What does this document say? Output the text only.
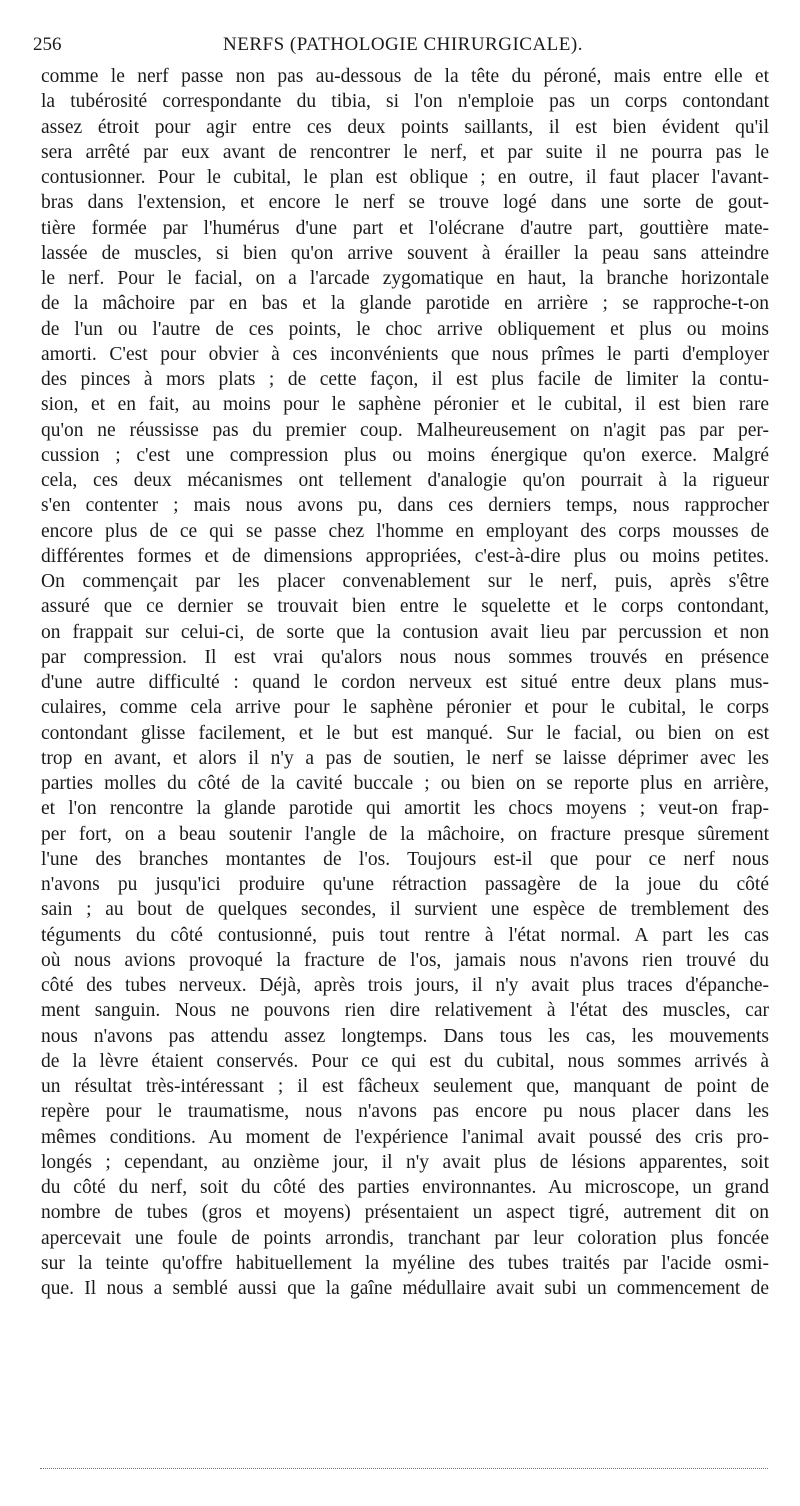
256	NERFS (PATHOLOGIE CHIRURGICALE).
comme le nerf passe non pas au-dessous de la tête du péroné, mais entre elle et
la tubérosité correspondante du tibia, si l'on n'emploie pas un corps contondant
assez étroit pour agir entre ces deux points saillants, il est bien évident qu'il
sera arrêté par eux avant de rencontrer le nerf, et par suite il ne pourra pas le
contusionner. Pour le cubital, le plan est oblique ; en outre, il faut placer l'avant-
bras dans l'extension, et encore le nerf se trouve logé dans une sorte de gout-
tière formée par l'humérus d'une part et l'olécrane d'autre part, gouttière mate-
lassée de muscles, si bien qu'on arrive souvent à érailler la peau sans atteindre
le nerf. Pour le facial, on a l'arcade zygomatique en haut, la branche horizontale
de la mâchoire par en bas et la glande parotide en arrière ; se rapproche-t-on
de l'un ou l'autre de ces points, le choc arrive obliquement et plus ou moins
amorti. C'est pour obvier à ces inconvénients que nous prîmes le parti d'employer
des pinces à mors plats ; de cette façon, il est plus facile de limiter la contu-
sion, et en fait, au moins pour le saphène péronier et le cubital, il est bien rare
qu'on ne réussisse pas du premier coup. Malheureusement on n'agit pas par per-
cussion ; c'est une compression plus ou moins énergique qu'on exerce. Malgré
cela, ces deux mécanismes ont tellement d'analogie qu'on pourrait à la rigueur
s'en contenter ; mais nous avons pu, dans ces derniers temps, nous rapprocher
encore plus de ce qui se passe chez l'homme en employant des corps mousses de
différentes formes et de dimensions appropriées, c'est-à-dire plus ou moins petites.
On commençait par les placer convenablement sur le nerf, puis, après s'être
assuré que ce dernier se trouvait bien entre le squelette et le corps contondant,
on frappait sur celui-ci, de sorte que la contusion avait lieu par percussion et non
par compression. Il est vrai qu'alors nous nous sommes trouvés en présence
d'une autre difficulté : quand le cordon nerveux est situé entre deux plans mus-
culaires, comme cela arrive pour le saphène péronier et pour le cubital, le corps
contondant glisse facilement, et le but est manqué. Sur le facial, ou bien on est
trop en avant, et alors il n'y a pas de soutien, le nerf se laisse déprimer avec les
parties molles du côté de la cavité buccale ; ou bien on se reporte plus en arrière,
et l'on rencontre la glande parotide qui amortit les chocs moyens ; veut-on frap-
per fort, on a beau soutenir l'angle de la mâchoire, on fracture presque sûrement
l'une des branches montantes de l'os. Toujours est-il que pour ce nerf nous
n'avons pu jusqu'ici produire qu'une rétraction passagère de la joue du côté
sain ; au bout de quelques secondes, il survient une espèce de tremblement des
téguments du côté contusionné, puis tout rentre à l'état normal. A part les cas
où nous avions provoqué la fracture de l'os, jamais nous n'avons rien trouvé du
côté des tubes nerveux. Déjà, après trois jours, il n'y avait plus traces d'épanche-
ment sanguin. Nous ne pouvons rien dire relativement à l'état des muscles, car
nous n'avons pas attendu assez longtemps. Dans tous les cas, les mouvements
de la lèvre étaient conservés. Pour ce qui est du cubital, nous sommes arrivés à
un résultat très-intéressant ; il est fâcheux seulement que, manquant de point de
repère pour le traumatisme, nous n'avons pas encore pu nous placer dans les
mêmes conditions. Au moment de l'expérience l'animal avait poussé des cris pro-
longés ; cependant, au onzième jour, il n'y avait plus de lésions apparentes, soit
du côté du nerf, soit du côté des parties environnantes. Au microscope, un grand
nombre de tubes (gros et moyens) présentaient un aspect tigré, autrement dit on
apercevait une foule de points arrondis, tranchant par leur coloration plus foncée
sur la teinte qu'offre habituellement la myéline des tubes traités par l'acide osmi-
que. Il nous a semblé aussi que la gaîne médullaire avait subi un commencement de
